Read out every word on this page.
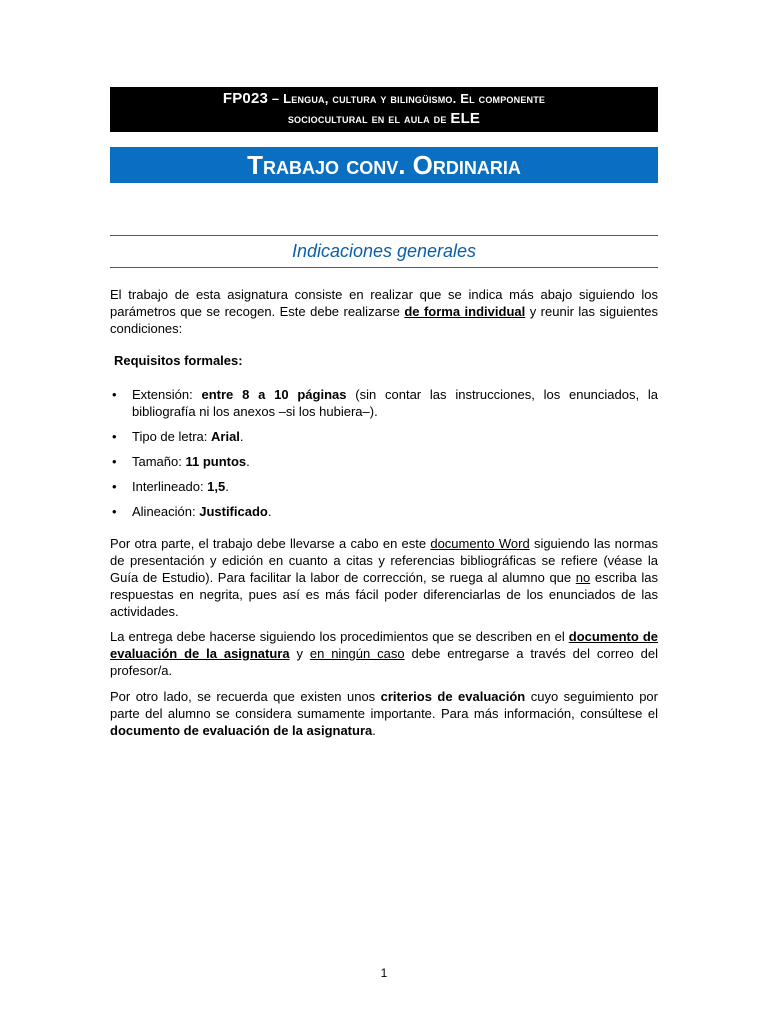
FP023 – Lengua, cultura y bilingüismo. El componente
sociocultural en el aula de ELE
Trabajo conv. Ordinaria
Indicaciones generales
El trabajo de esta asignatura consiste en realizar que se indica más abajo siguiendo los parámetros que se recogen. Este debe realizarse de forma individual y reunir las siguientes condiciones:
Requisitos formales:
• Extensión: entre 8 a 10 páginas (sin contar las instrucciones, los enunciados, la bibliografía ni los anexos –si los hubiera–).
• Tipo de letra: Arial.
• Tamaño: 11 puntos.
• Interlineado: 1,5.
• Alineación: Justificado.
Por otra parte, el trabajo debe llevarse a cabo en este documento Word siguiendo las normas de presentación y edición en cuanto a citas y referencias bibliográficas se refiere (véase la Guía de Estudio). Para facilitar la labor de corrección, se ruega al alumno que no escriba las respuestas en negrita, pues así es más fácil poder diferenciarlas de los enunciados de las actividades.
La entrega debe hacerse siguiendo los procedimientos que se describen en el documento de evaluación de la asignatura y en ningún caso debe entregarse a través del correo del profesor/a.
Por otro lado, se recuerda que existen unos criterios de evaluación cuyo seguimiento por parte del alumno se considera sumamente importante. Para más información, consúltese el documento de evaluación de la asignatura.
1
